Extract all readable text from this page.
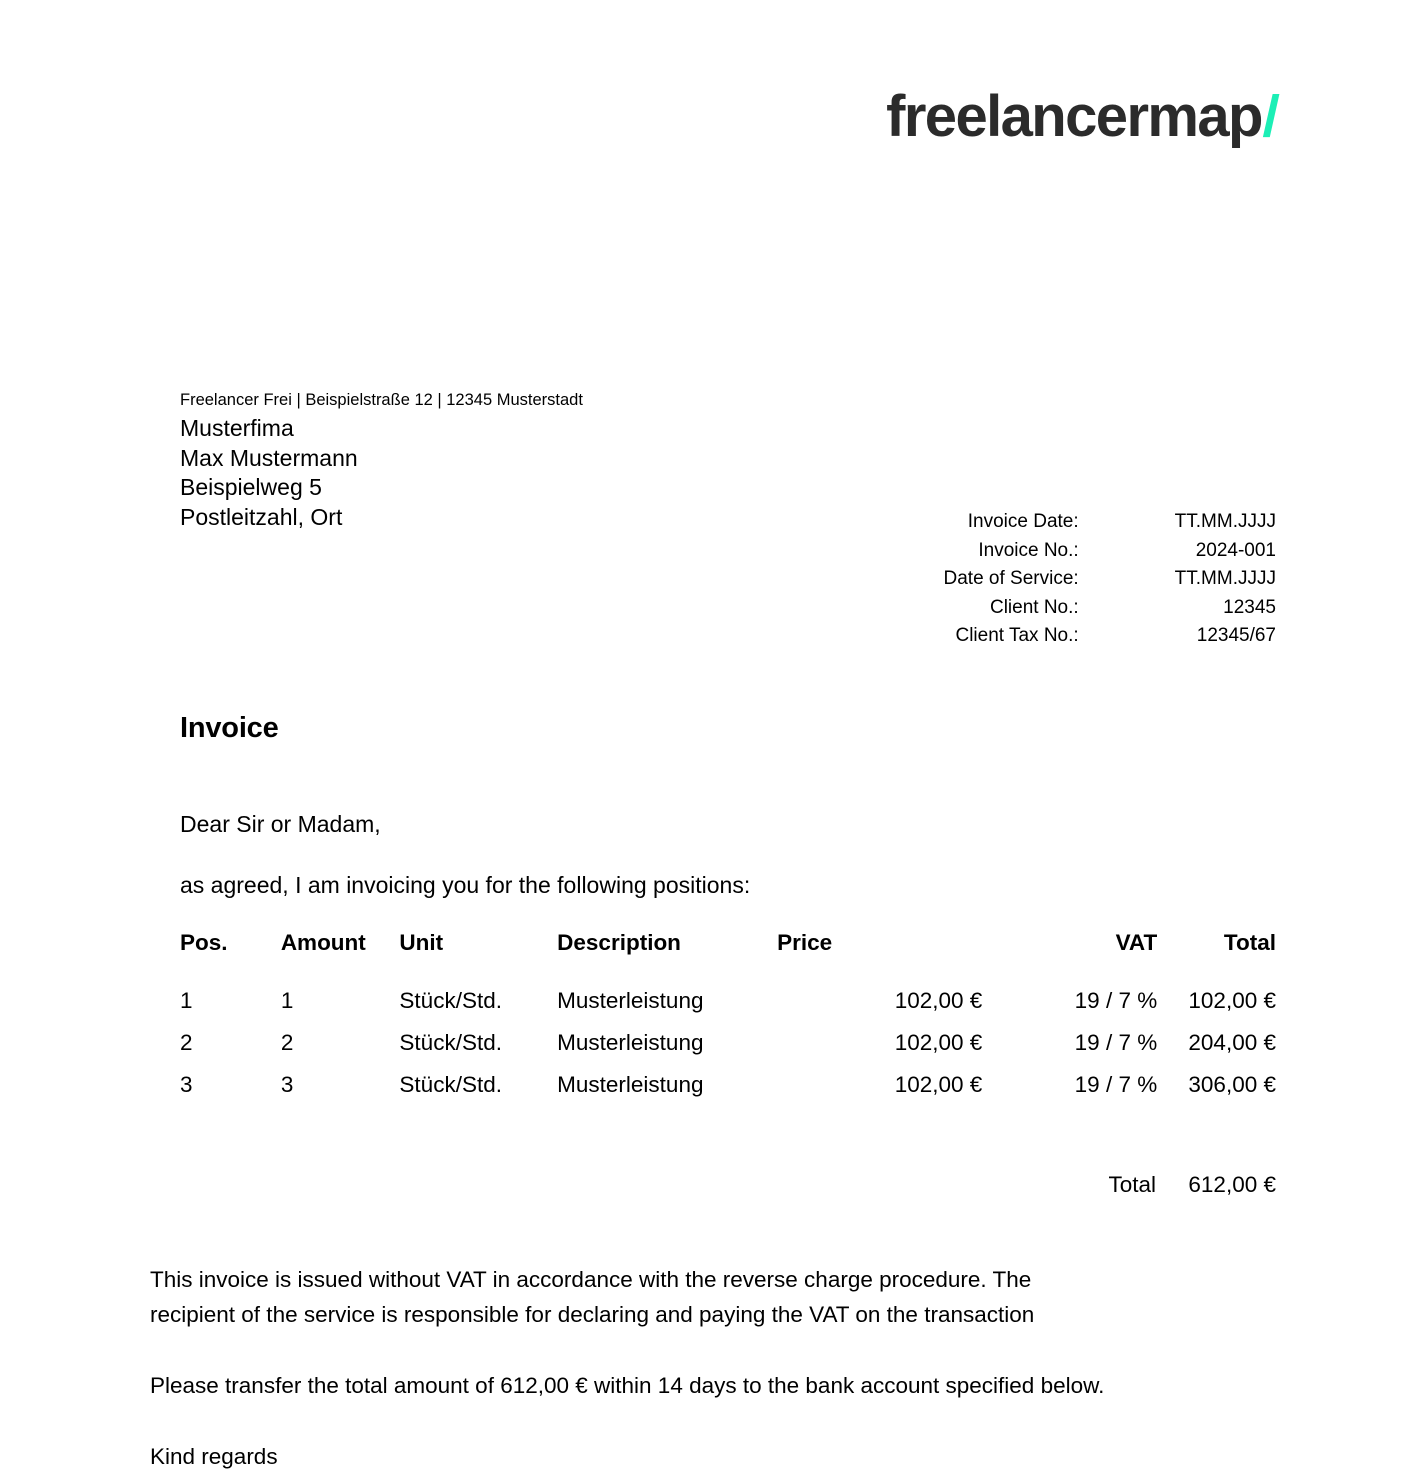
freelancermap /
Freelancer Frei | Beispielstraße 12 | 12345 Musterstadt
Musterfima
Max Mustermann
Beispielweg 5
Postleitzahl, Ort	Invoice Date:	TT.MM.JJJJ
Invoice No.:	2024-001
Date of Service:	TT.MM.JJJJ
Client No.:	12345
Client Tax No.:	12345/67
Invoice
Dear Sir or Madam,
as agreed, I am invoicing you for the following positions:
Pos.	Amount	Unit	Description	Price	VAT	Total
1	1	Stück/Std.	Musterleistung	102,00 €	19 / 7 %	102,00 €
2	2	Stück/Std.	Musterleistung	102,00 €	19 / 7 %	204,00 €
3	3	Stück/Std.	Musterleistung	102,00 €	19 / 7 %	306,00 €
Total	612,00 €

This invoice is issued without VAT in accordance with the reverse charge procedure. The

recipient of the service is responsible for declaring and paying the VAT on the transaction

Please transfer the total amount of 612,00 € within 14 days to the bank account specified below.

Kind regards
